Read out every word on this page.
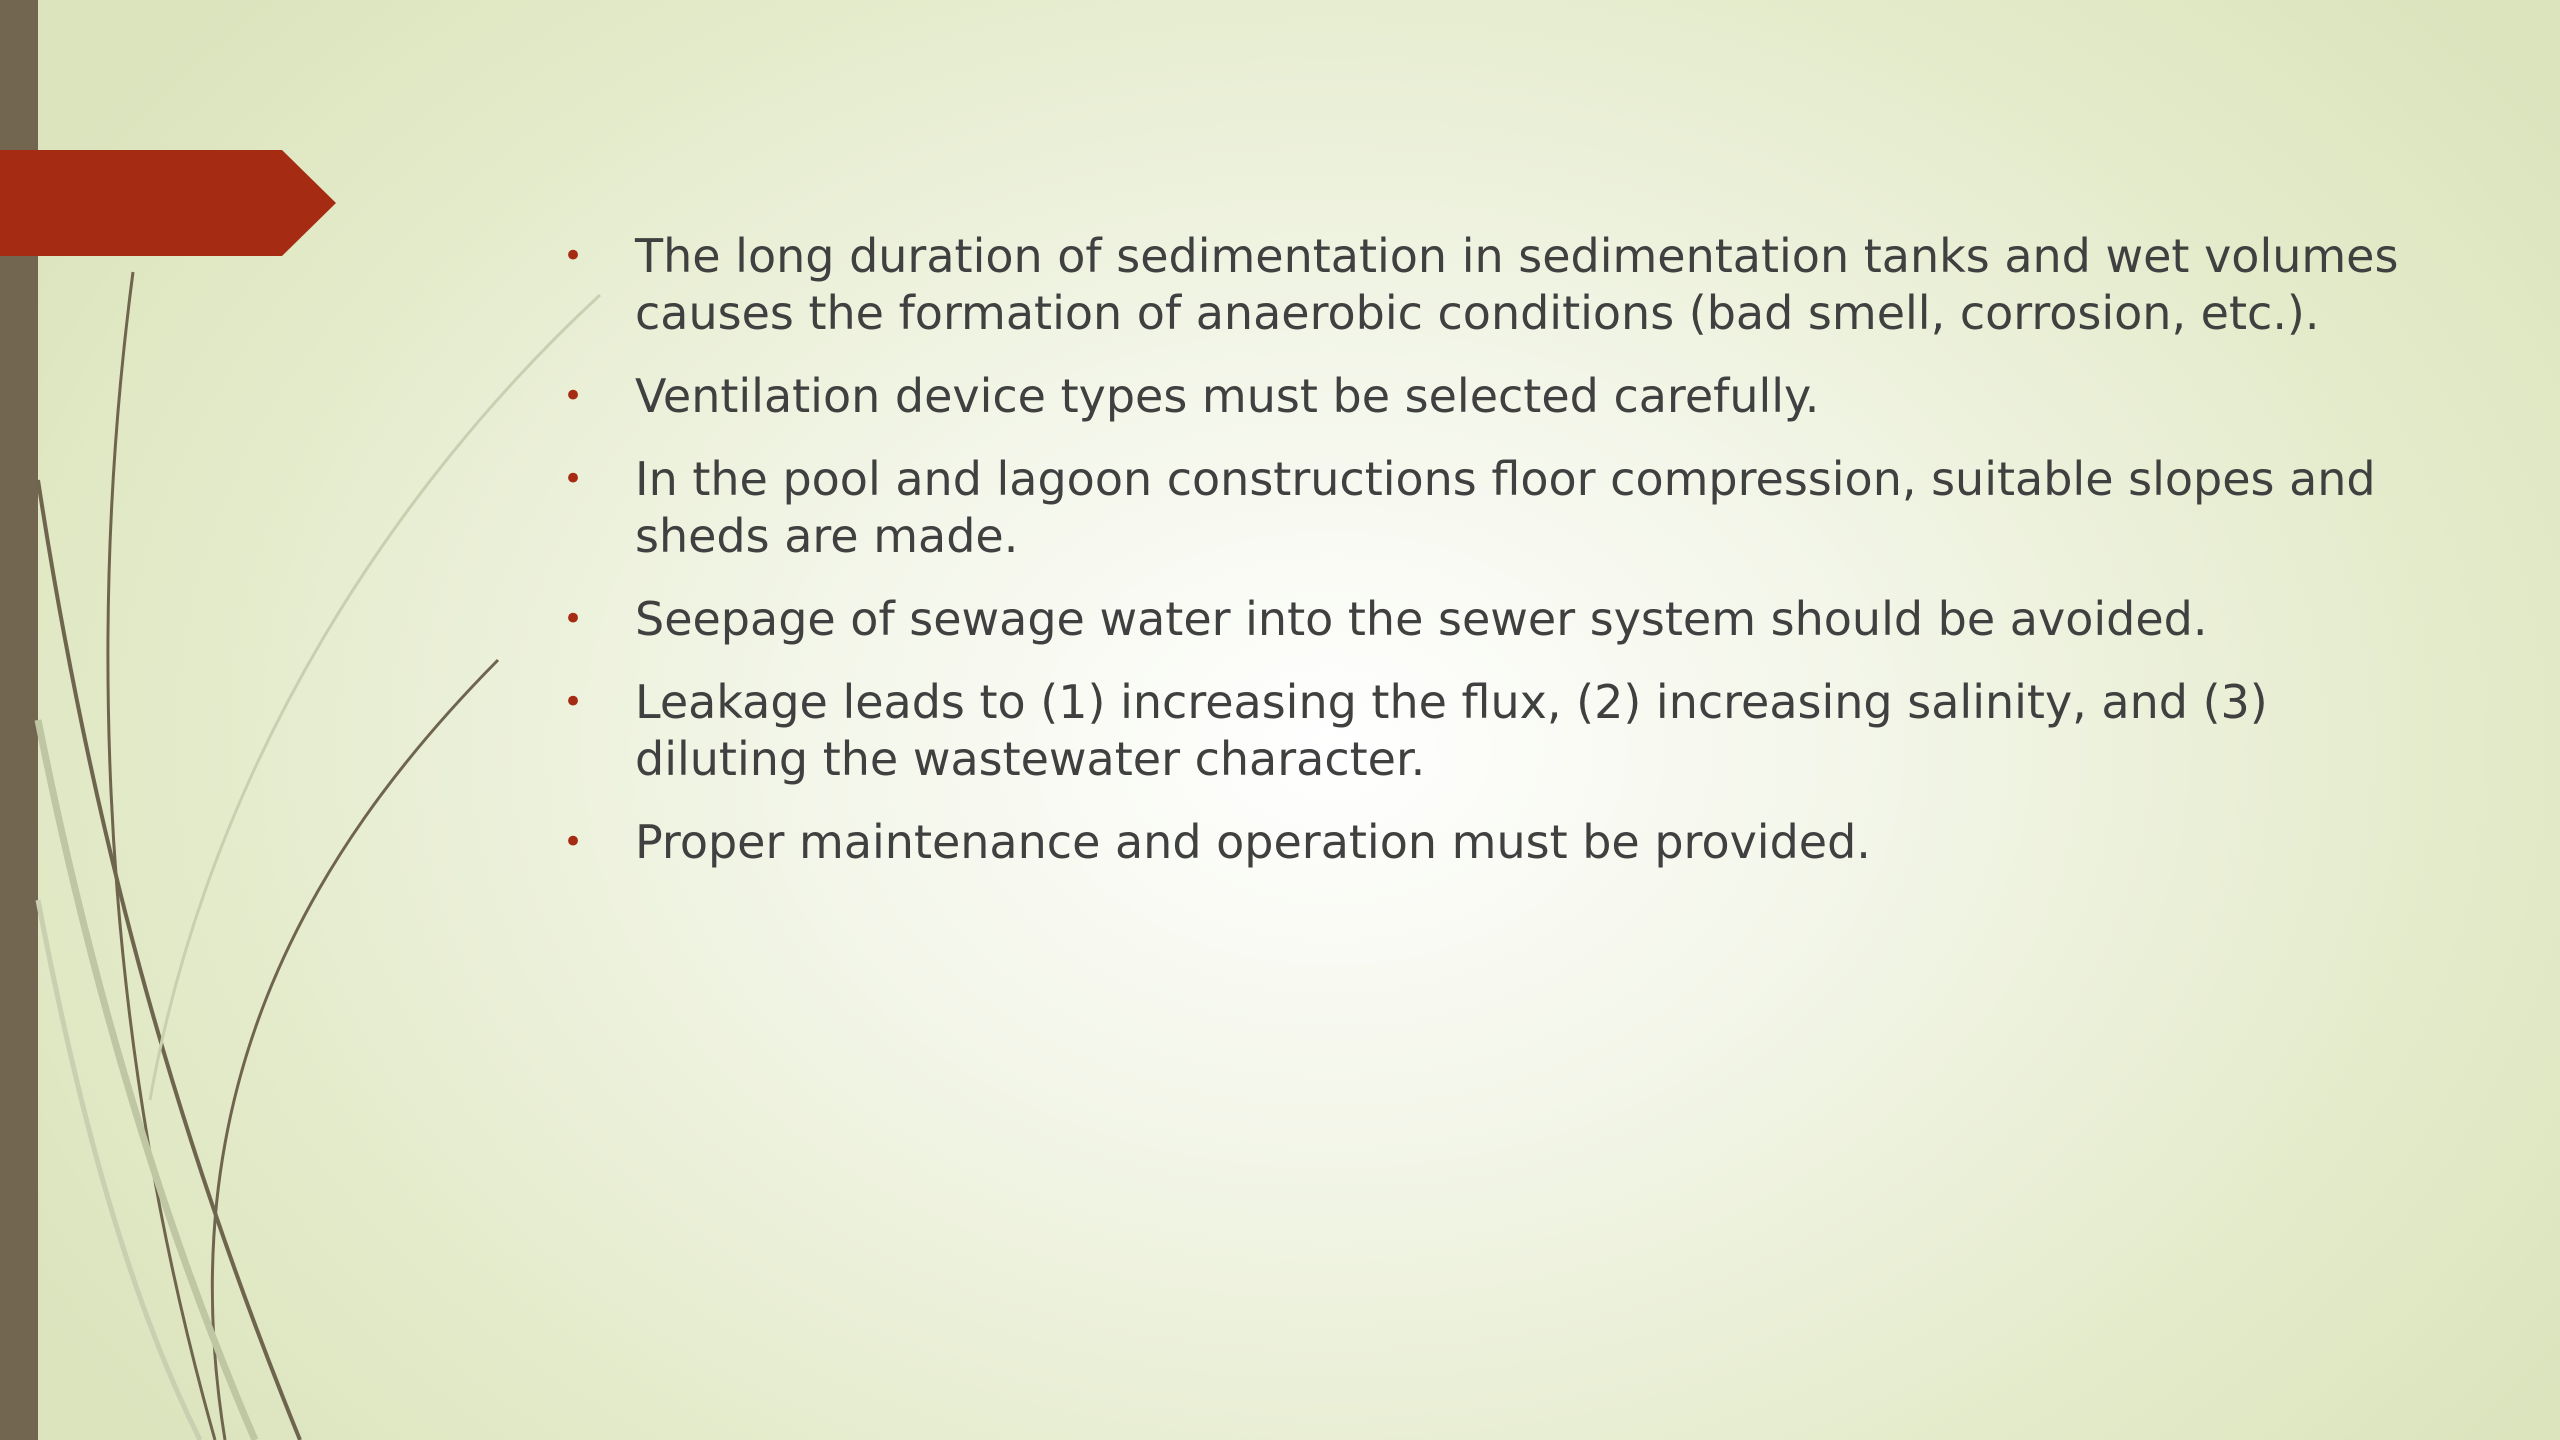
• The long duration of sedimentation in sedimentation tanks and wet volumes causes the formation of anaerobic conditions (bad smell, corrosion, etc.).
• Ventilation device types must be selected carefully.
• In the pool and lagoon constructions floor compression, suitable slopes and sheds are made.
• Seepage of sewage water into the sewer system should be avoided.
• Leakage leads to (1) increasing the flux, (2) increasing salinity, and (3) diluting the wastewater character.
• Proper maintenance and operation must be provided.
